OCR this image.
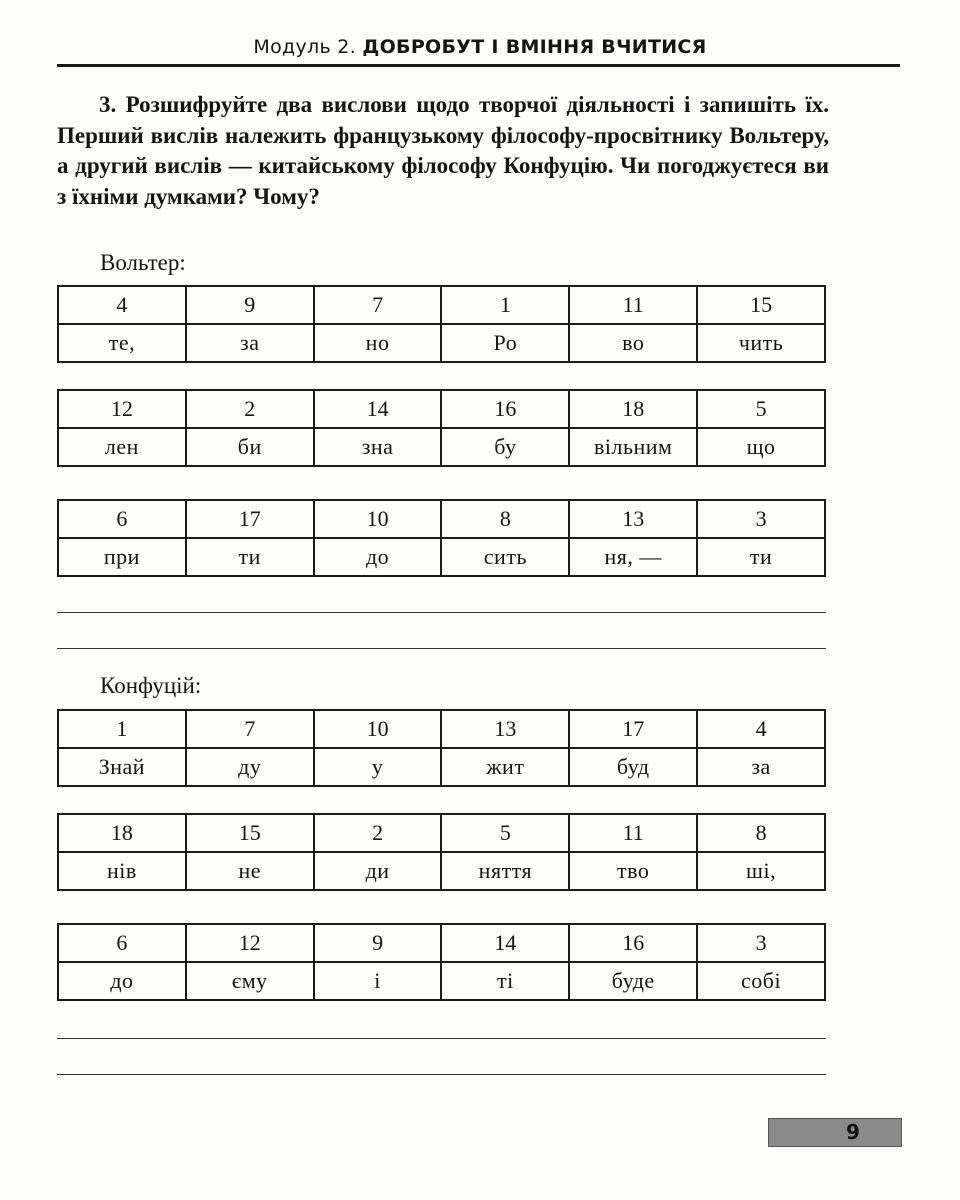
Модуль 2. ДОБРОБУТ І ВМІННЯ ВЧИТИСЯ

3. Розшифруйте два вислови щодо творчої діяльності і запишіть їх. Перший вислів належить французькому філософу-просвітнику Вольтеру, а другий вислів — китайському філософу Конфуцію. Чи погоджуєтеся ви з їхніми думками? Чому?

Вольтер:
4	9	7	1	11	15
те,	за	но	Ро	во	чить
12	2	14	16	18	5
лен	би	зна	бу	вільним	що
6	17	10	8	13	3
при	ти	до	сить	ня, —	ти
Конфуцій:
1	7	10	13	17	4
Знай	ду	у	жит	буд	за
18	15	2	5	11	8
нів	не	ди	няття	тво	ші,
6	12	9	14	16	3
до	єму	і	ті	буде	собі
9
